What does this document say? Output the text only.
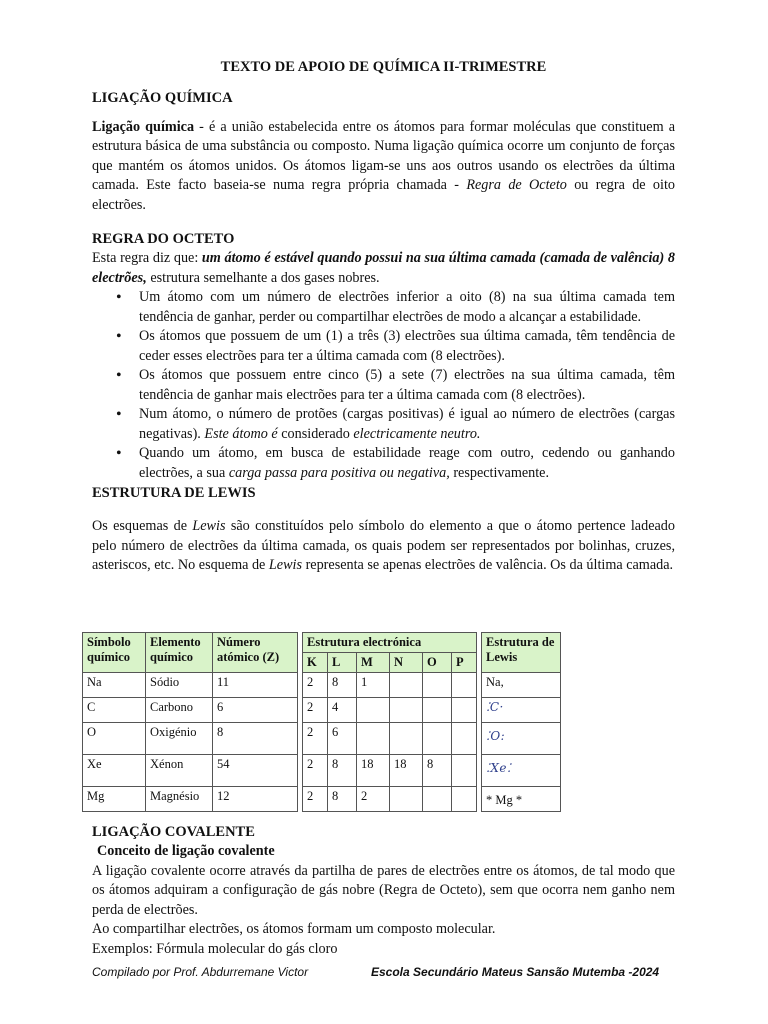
TEXTO DE APOIO DE QUÍMICA II-TRIMESTRE
LIGAÇÃO QUÍMICA

Ligação química - é a união estabelecida entre os átomos para formar moléculas que constituem a estrutura básica de uma substância ou composto. Numa ligação química ocorre um conjunto de forças que mantém os átomos unidos. Os átomos ligam-se uns aos outros usando os electrões da última camada. Este facto baseia-se numa regra própria chamada - Regra de Octeto ou regra de oito electrões.

REGRA DO OCTETO

Esta regra diz que: um átomo é estável quando possui na sua última camada (camada de valência) 8 electrões, estrutura semelhante a dos gases nobres.

• Um átomo com um número de electrões inferior a oito (8) na sua última camada tem tendência de ganhar, perder ou compartilhar electrões de modo a alcançar a estabilidade.
• Os átomos que possuem de um (1) a três (3) electrões sua última camada, têm tendência de ceder esses electrões para ter a última camada com (8 electrões).
• Os átomos que possuem entre cinco (5) a sete (7) electrões na sua última camada, têm tendência de ganhar mais electrões para ter a última camada com (8 electrões).
• Num átomo, o número de protões (cargas positivas) é igual ao número de electrões (cargas negativas). Este átomo é considerado electricamente neutro.
• Quando um átomo, em busca de estabilidade reage com outro, cedendo ou ganhando electrões, a sua carga passa para positiva ou negativa, respectivamente.
ESTRUTURA DE LEWIS

Os esquemas de Lewis são constituídos pelo símbolo do elemento a que o átomo pertence ladeado pelo número de electrões da última camada, os quais podem ser representados por bolinhas, cruzes, asteriscos, etc. No esquema de Lewis representa se apenas electrões de valência. Os da última camada.

Símbolo químico	Elemento químico	Número atómico (Z)		Estrutura electrónica							Estrutura de Lewis
				K	L	M	N	O	P		
Na	Sódio	11		2	8	1					Na,
C	Carbono	6		2	4						⁚C·
O	Oxigénio	8		2	6						⁚O:
Xe	Xénon	54		2	8	18	18	8			⁚Xe⁚
Mg	Magnésio	12		2	8	2					* Mg *
LIGAÇÃO COVALENTE
Conceito de ligação covalente

A ligação covalente ocorre através da partilha de pares de electrões entre os átomos, de tal modo que os átomos adquiram a configuração de gás nobre (Regra de Octeto), sem que ocorra nem ganho nem perda de electrões.

Ao compartilhar electrões, os átomos formam um composto molecular.

Exemplos: Fórmula molecular do gás cloro

Compilado por Prof. Abdurremane Victor	Escola Secundário Mateus Sansão Mutemba -2024
